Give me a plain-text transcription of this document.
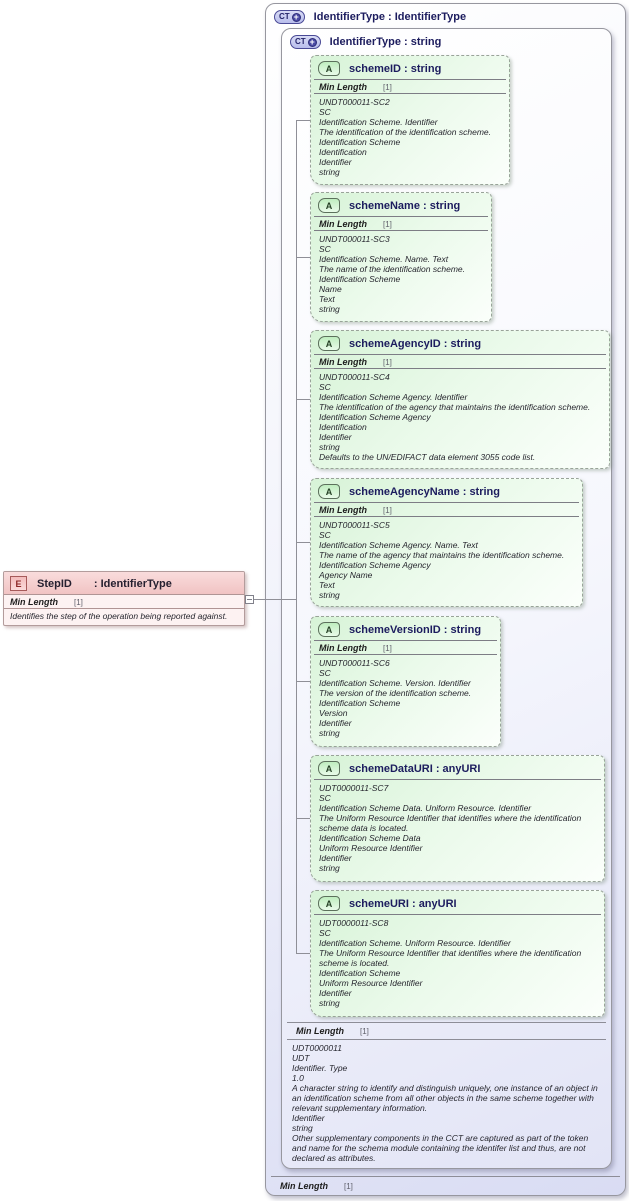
CT + IdentifierType : IdentifierType
CT + IdentifierType : string
A	schemeID : string
Min Length [1]
UNDT000011-SC2
SC
Identification Scheme. Identifier
The identification of the identification scheme.
Identification Scheme
Identification
Identifier
string
A	schemeName : string
Min Length [1]
UNDT000011-SC3
SC
Identification Scheme. Name. Text
The name of the identification scheme.
Identification Scheme
Name
Text
string
A	schemeAgencyID : string
Min Length [1]
UNDT000011-SC4
SC
Identification Scheme Agency. Identifier
The identification of the agency that maintains the identification scheme.
Identification Scheme Agency
Identification
Identifier
string
Defaults to the UN/EDIFACT data element 3055 code list.
A	schemeAgencyName : string
Min Length [1]
UNDT000011-SC5
SC
Identification Scheme Agency. Name. Text
The name of the agency that maintains the identification scheme.
Identification Scheme Agency
Agency Name
Text
string
A	schemeVersionID : string
Min Length [1]
UNDT000011-SC6
SC
Identification Scheme. Version. Identifier
The version of the identification scheme.
Identification Scheme
Version
Identifier
string
A	schemeDataURI : anyURI
UDT0000011-SC7
SC
Identification Scheme Data. Uniform Resource. Identifier
The Uniform Resource Identifier that identifies where the identification scheme data is located.
Identification Scheme Data
Uniform Resource Identifier
Identifier
string
A	schemeURI : anyURI
UDT0000011-SC8
SC
Identification Scheme. Uniform Resource. Identifier
The Uniform Resource Identifier that identifies where the identification scheme is located.
Identification Scheme
Uniform Resource Identifier
Identifier
string
Min Length [1]
UDT0000011
UDT
Identifier. Type
1.0
A character string to identify and distinguish uniquely, one instance of an object in an identification scheme from all other objects in the same scheme together with relevant supplementary information.
Identifier
string
Other supplementary components in the CCT are captured as part of the token and name for the schema module containing the identifer list and thus, are not declared as attributes.
Min Length [1]
E	StepID : IdentifierType
Min Length [1]
Identifies the step of the operation being reported against.
